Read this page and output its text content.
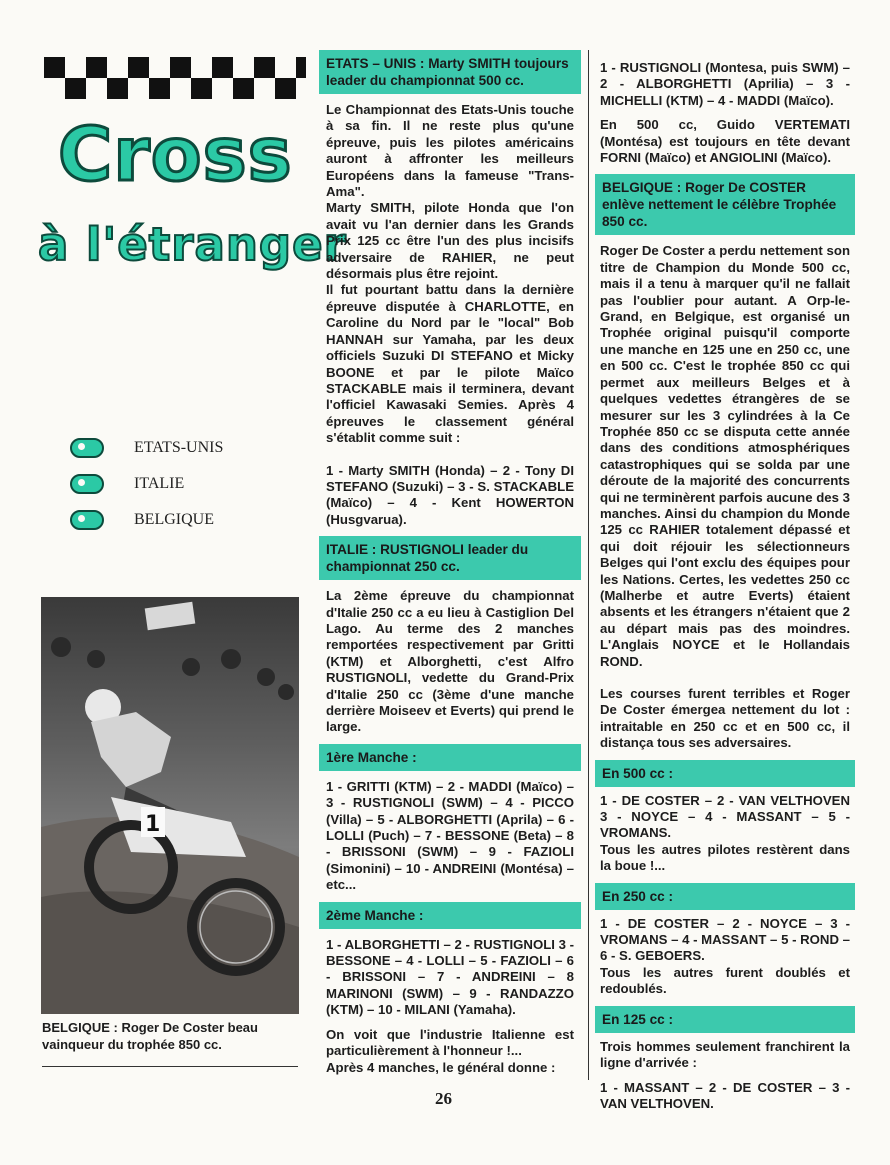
Cross
à l'étranger
ETATS-UNIS
ITALIE
BELGIQUE
1
BELGIQUE : Roger De Coster beau vainqueur du trophée 850 cc.
ETATS – UNIS : Marty SMITH toujours leader du championnat 500 cc.

Le Championnat des Etats-Unis touche à sa fin. Il ne reste plus qu'une épreuve, puis les pilotes américains auront à affronter les meilleurs Européens dans la fameuse "Trans-Ama".

Marty SMITH, pilote Honda que l'on avait vu l'an dernier dans les Grands Prix 125 cc être l'un des plus incisifs adversaire de RAHIER, ne peut désormais plus être rejoint.

Il fut pourtant battu dans la dernière épreuve disputée à CHARLOTTE, en Caroline du Nord par le "local" Bob HANNAH sur Yamaha, par les deux officiels Suzuki DI STEFANO et Micky BOONE et par le pilote Maïco STACKABLE mais il terminera, devant l'officiel Kawasaki Semies. Après 4 épreuves le classement général s'établit comme suit :

1 - Marty SMITH (Honda) – 2 - Tony DI STEFANO (Suzuki) – 3 - S. STACKABLE (Maïco) – 4 - Kent HOWERTON (Husgvarua).

ITALIE : RUSTIGNOLI leader du championnat 250 cc.

La 2ème épreuve du championnat d'Italie 250 cc a eu lieu à Castiglion Del Lago. Au terme des 2 manches remportées respectivement par Gritti (KTM) et Alborghetti, c'est Alfro RUSTIGNOLI, vedette du Grand-Prix d'Italie 250 cc (3ème d'une manche derrière Moiseev et Everts) qui prend le large.

1ère Manche :

1 - GRITTI (KTM) – 2 - MADDI (Maïco) – 3 - RUSTIGNOLI (SWM) – 4 - PICCO (Villa) – 5 - ALBORGHETTI (Aprila) – 6 - LOLLI (Puch) – 7 - BESSONE (Beta) – 8 - BRISSONI (SWM) – 9 - FAZIOLI (Simonini) – 10 - ANDREINI (Montésa) – etc...

2ème Manche :

1 - ALBORGHETTI – 2 - RUSTIGNOLI 3 - BESSONE – 4 - LOLLI – 5 - FAZIOLI – 6 - BRISSONI – 7 - ANDREINI – 8 MARINONI (SWM) – 9 - RANDAZZO (KTM) – 10 - MILANI (Yamaha).

On voit que l'industrie Italienne est particulièrement à l'honneur !...

Après 4 manches, le général donne :

1 - RUSTIGNOLI (Montesa, puis SWM) – 2 - ALBORGHETTI (Aprilia) – 3 - MICHELLI (KTM) – 4 - MADDI (Maïco).

En 500 cc, Guido VERTEMATI (Montésa) est toujours en tête devant FORNI (Maïco) et ANGIOLINI (Maïco).

BELGIQUE : Roger De COSTER enlève nettement le célèbre Trophée 850 cc.

Roger De Coster a perdu nettement son titre de Champion du Monde 500 cc, mais il a tenu à marquer qu'il ne fallait pas l'oublier pour autant. A Orp-le-Grand, en Belgique, est organisé un Trophée original puisqu'il comporte une manche en 125 une en 250 cc, une en 500 cc. C'est le trophée 850 cc qui permet aux meilleurs Belges et à quelques vedettes étrangères de se mesurer sur les 3 cylindrées à la Ce Trophée 850 cc se disputa cette année dans des conditions atmosphériques catastrophiques qui se solda par une déroute de la majorité des concurrents qui ne terminèrent parfois aucune des 3 manches. Ainsi du champion du Monde 125 cc RAHIER totalement dépassé et qui doit réjouir les sélectionneurs Belges qui l'ont exclu des équipes pour les Nations. Certes, les vedettes 250 cc (Malherbe et autre Everts) étaient absents et les étrangers n'étaient que 2 au départ mais pas des moindres. L'Anglais NOYCE et le Hollandais ROND.

Les courses furent terribles et Roger De Coster émergea nettement du lot : intraitable en 250 cc et en 500 cc, il distança tous ses adversaires.

En 500 cc :

1 - DE COSTER – 2 - VAN VELTHOVEN 3 - NOYCE – 4 - MASSANT – 5 - VROMANS.

Tous les autres pilotes restèrent dans la boue !...

En 250 cc :

1 - DE COSTER – 2 - NOYCE – 3 - VROMANS – 4 - MASSANT – 5 - ROND – 6 - S. GEBOERS.

Tous les autres furent doublés et redoublés.

En 125 cc :

Trois hommes seulement franchirent la ligne d'arrivée :

1 - MASSANT – 2 - DE COSTER – 3 - VAN VELTHOVEN.

26
